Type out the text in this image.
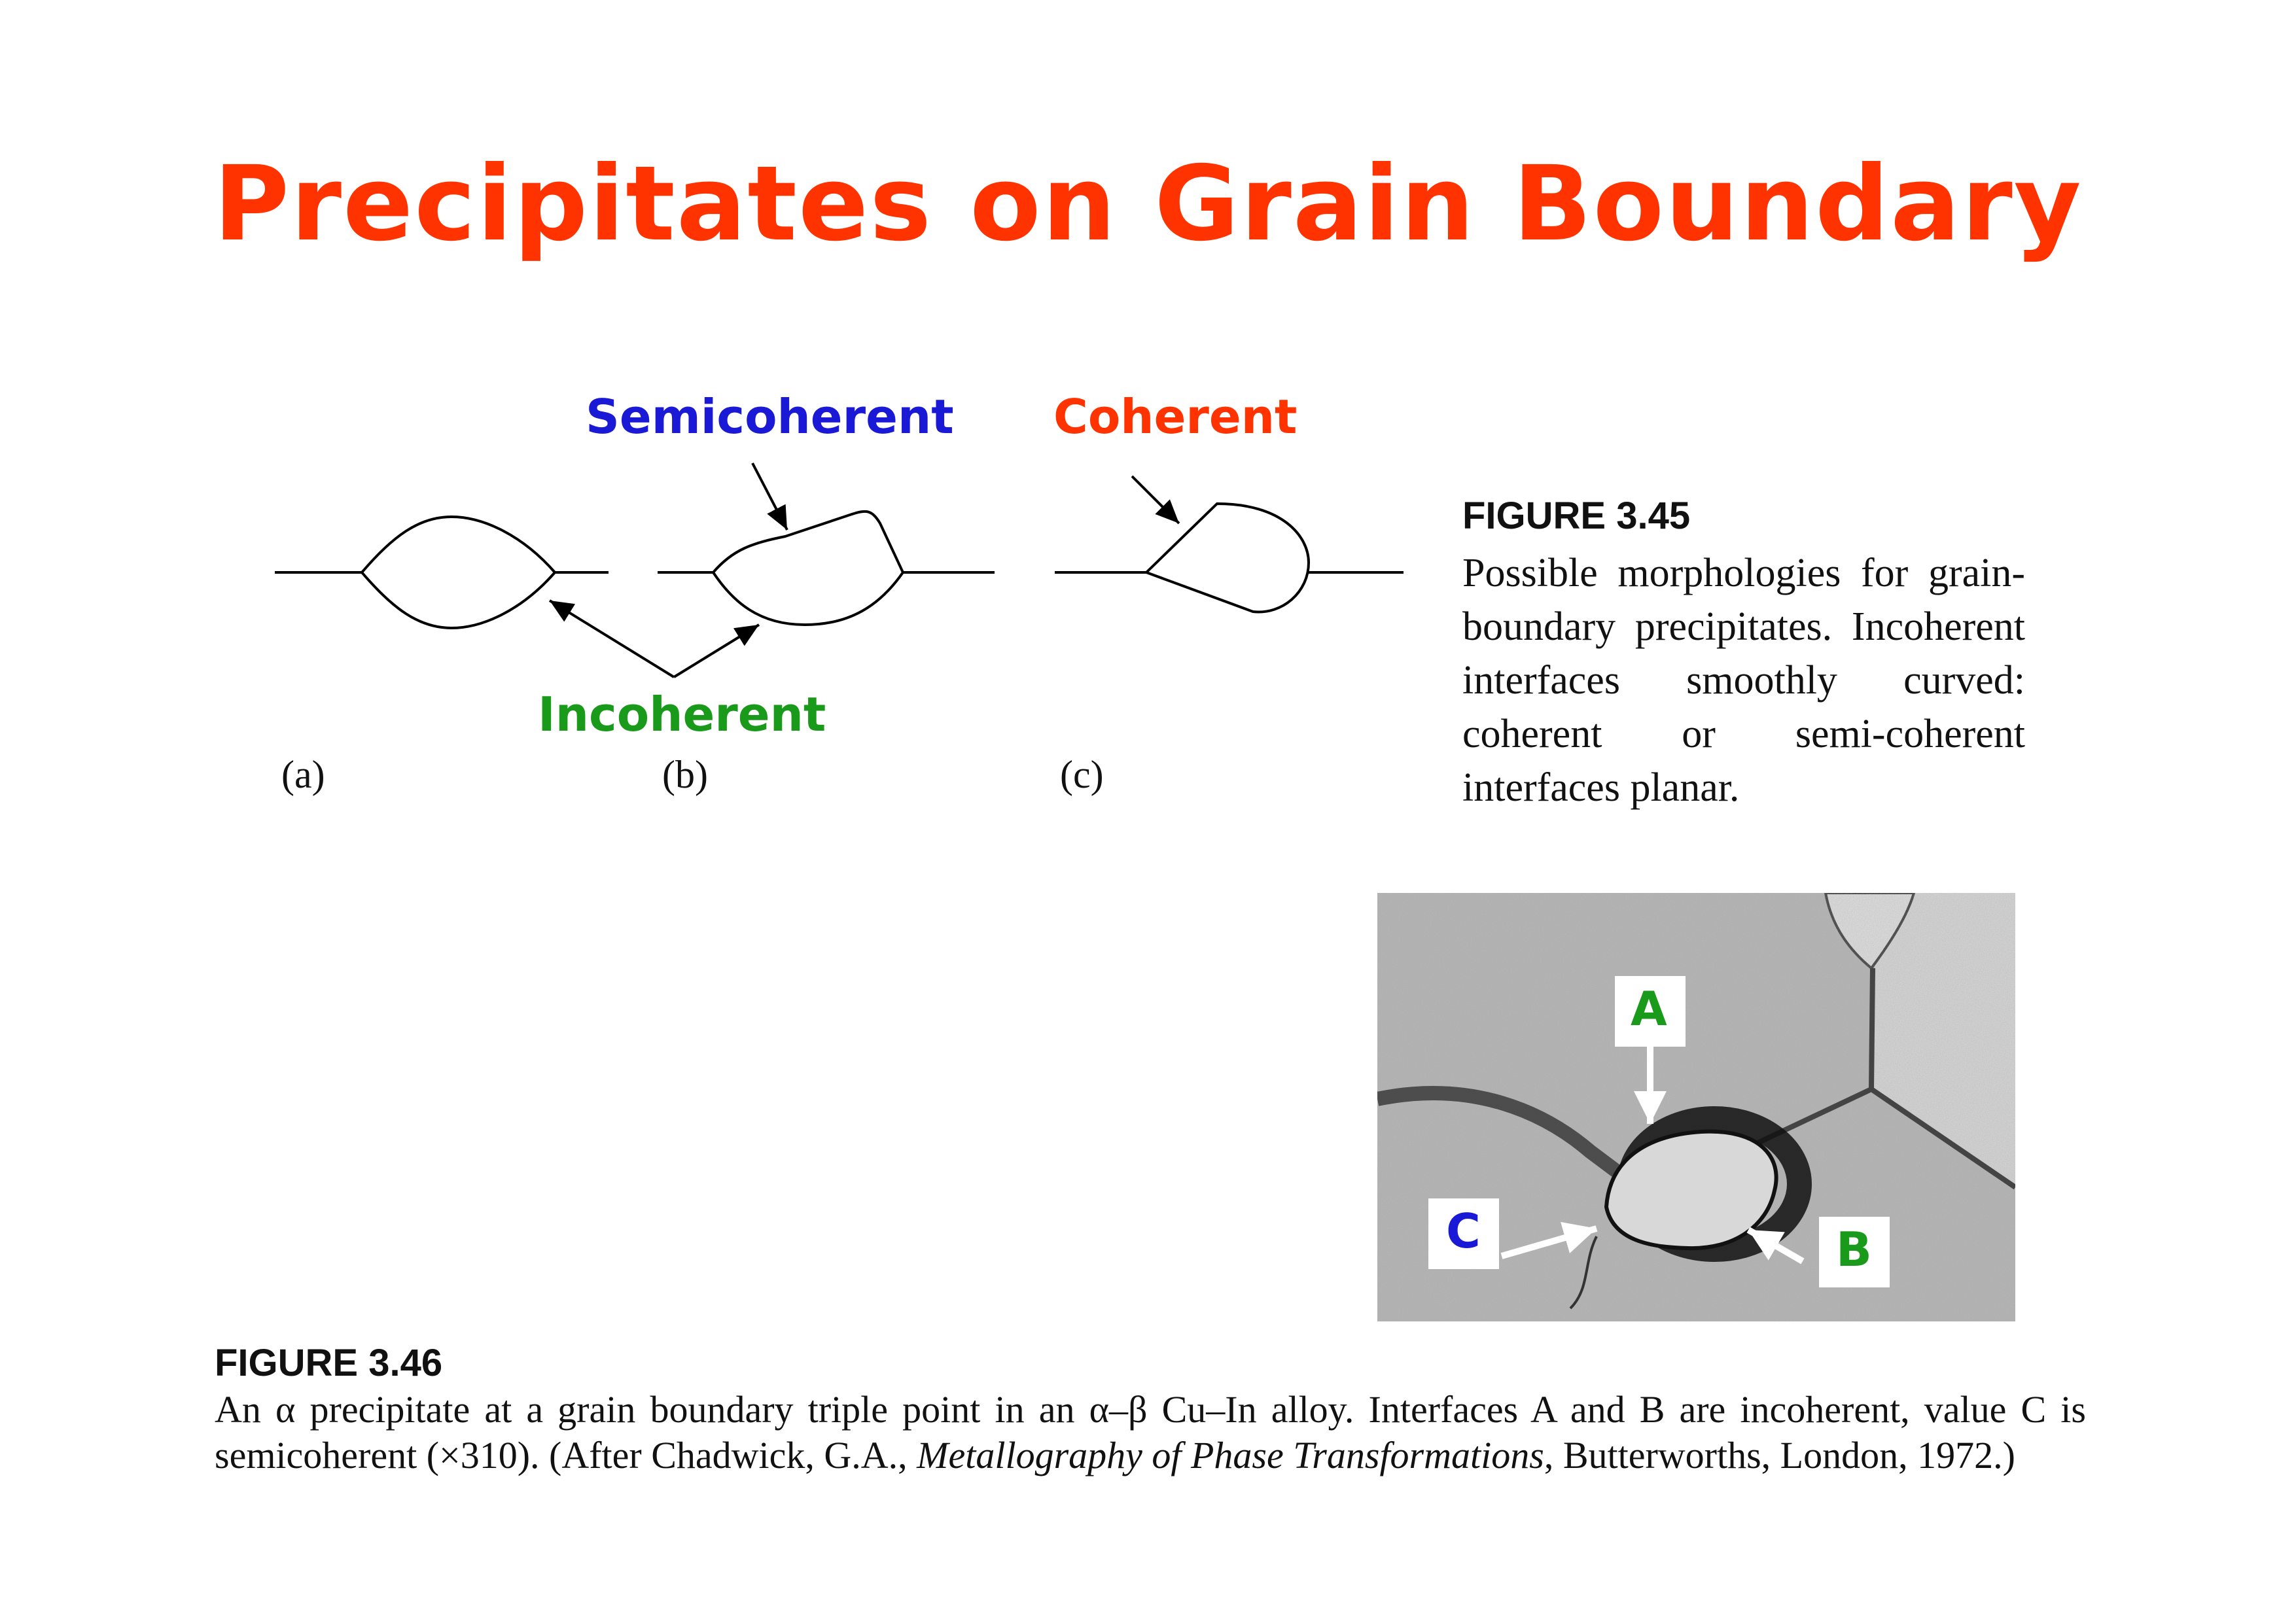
Precipitates on Grain Boundary
Semicoherent Coherent
Incoherent
(a)	(b)	(c)
FIGURE 3.45
Possible morphologies for grain-boundary precipitates. Incoherent interfaces smoothly curved: coherent or semi-coherent interfaces planar.
A
B
C
FIGURE 3.46
An α precipitate at a grain boundary triple point in an α–β Cu–In alloy. Interfaces A and B are incoherent, value C is semicoherent (×310). (After Chadwick, G.A., Metallography of Phase Transformations, Butterworths, London, 1972.)
